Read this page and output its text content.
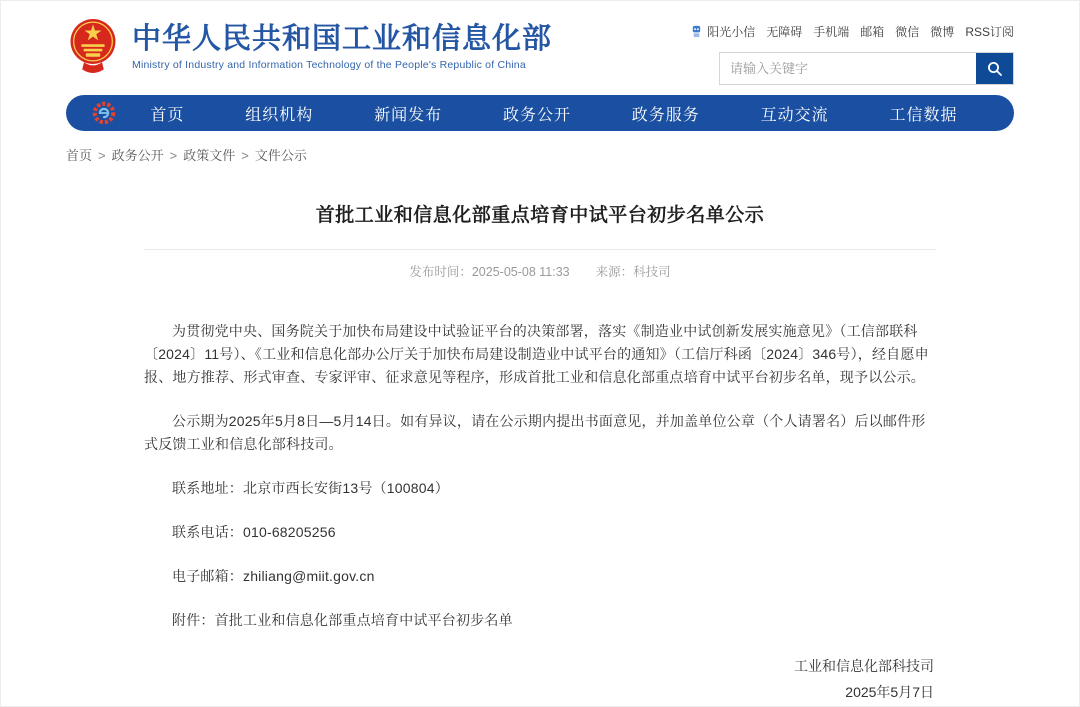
中华人民共和国工业和信息化部
Ministry of Industry and Information Technology of the People's Republic of China
阳光小信 无障碍 手机端 邮箱 微信 微博 RSS订阅
请输入关键字
首页	组织机构	新闻发布	政务公开	政务服务	互动交流	工信数据
首页 > 政务公开 > 政策文件 > 文件公示
首批工业和信息化部重点培育中试平台初步名单公示
发布时间：2025-05-08 11:33 来源：科技司

为贯彻党中央、国务院关于加快布局建设中试验证平台的决策部署，落实《制造业中试创新发展实施意见》（工信部联科〔2024〕11号）、《工业和信息化部办公厅关于加快布局建设制造业中试平台的通知》（工信厅科函〔2024〕346号），经自愿申报、地方推荐、形式审查、专家评审、征求意见等程序，形成首批工业和信息化部重点培育中试平台初步名单，现予以公示。

公示期为2025年5月8日—5月14日。如有异议，请在公示期内提出书面意见，并加盖单位公章（个人请署名）后以邮件形式反馈工业和信息化部科技司。

联系地址：北京市西长安街13号（100804）

联系电话：010-68205256

电子邮箱：zhiliang@miit.gov.cn

附件：首批工业和信息化部重点培育中试平台初步名单

工业和信息化部科技司
2025年5月7日
